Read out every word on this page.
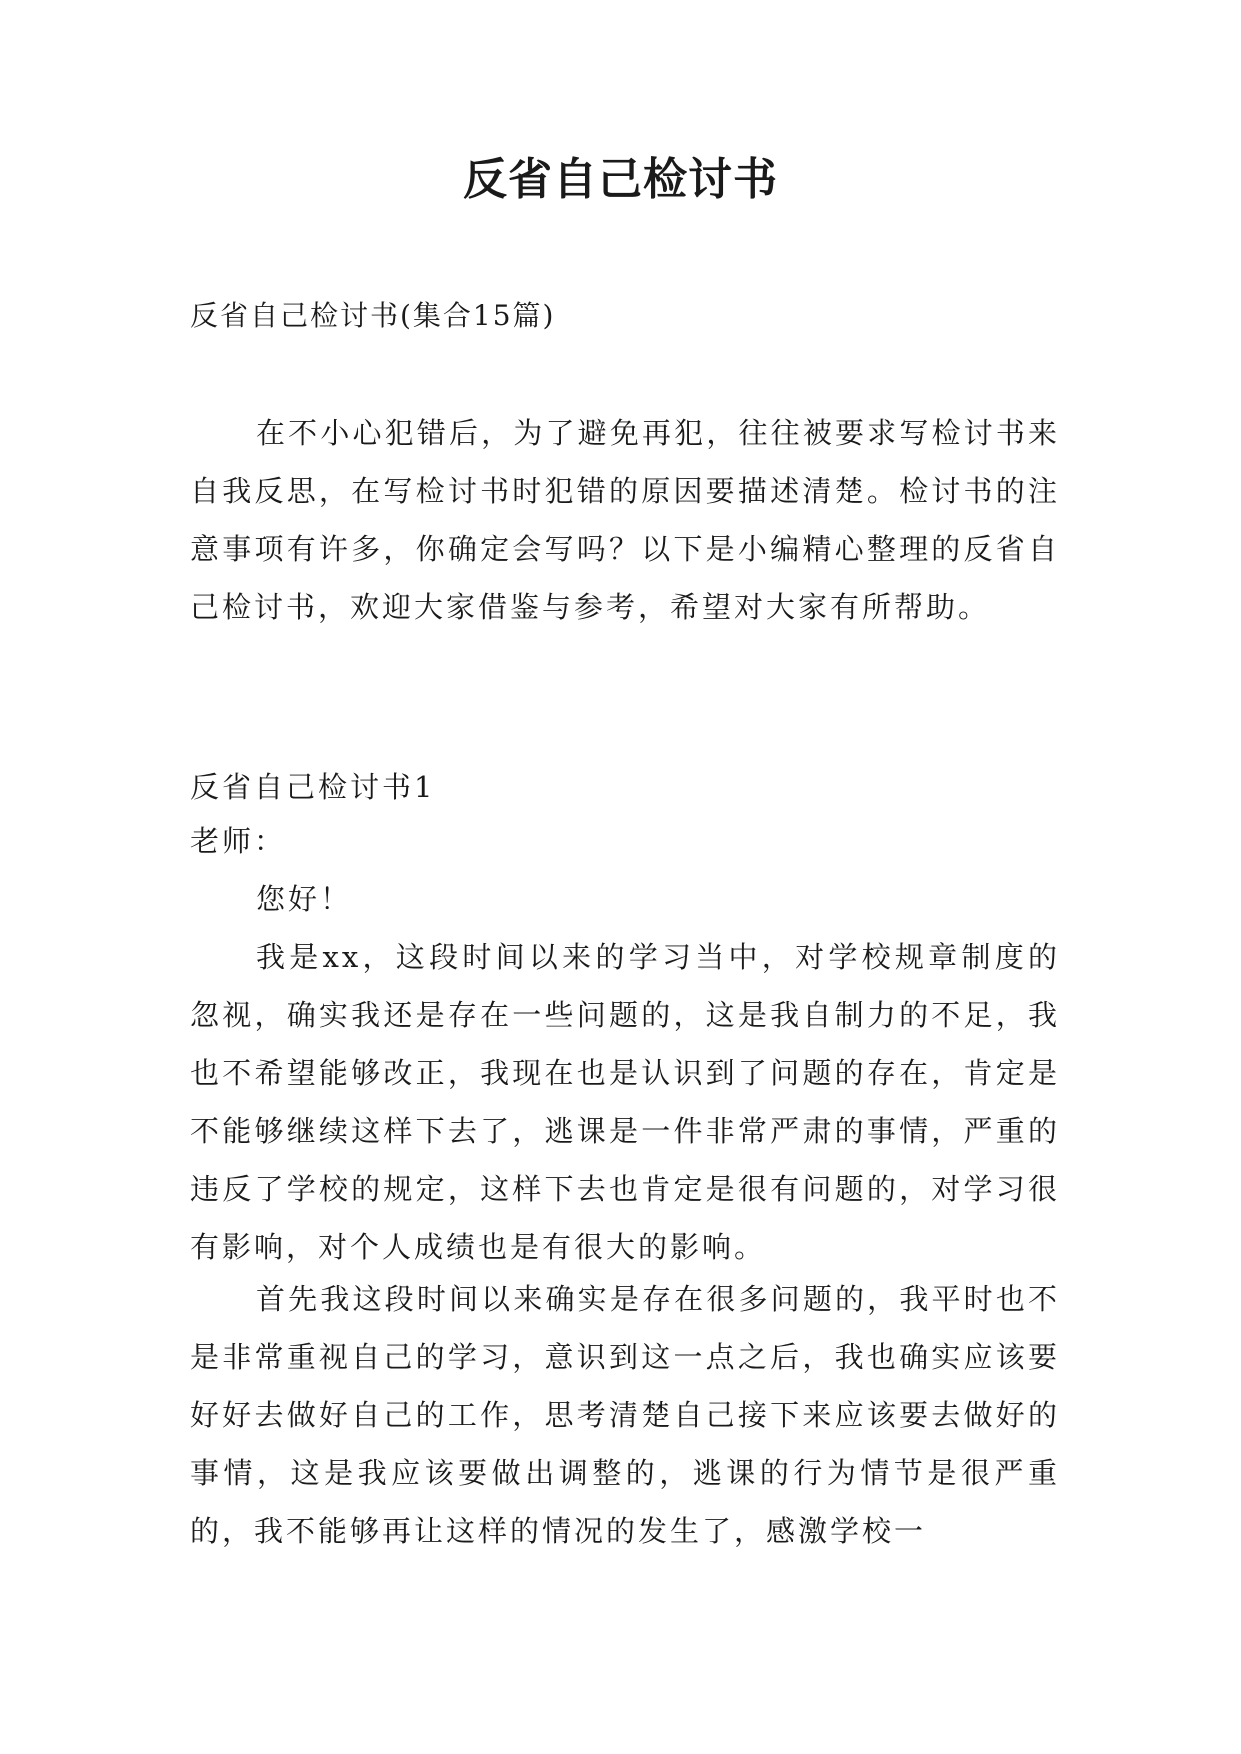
反省自己检讨书
反省自己检讨书(集合15篇)

在不小心犯错后，为了避免再犯，往往被要求写检讨书来自我反思，在写检讨书时犯错的原因要描述清楚。检讨书的注意事项有许多，你确定会写吗？以下是小编精心整理的反省自己检讨书，欢迎大家借鉴与参考，希望对大家有所帮助。

反省自己检讨书1
老师：
您好！

我是xx，这段时间以来的学习当中，对学校规章制度的忽视，确实我还是存在一些问题的，这是我自制力的不足，我也不希望能够改正，我现在也是认识到了问题的存在，肯定是不能够继续这样下去了，逃课是一件非常严肃的事情，严重的违反了学校的规定，这样下去也肯定是很有问题的，对学习很有影响，对个人成绩也是有很大的影响。

首先我这段时间以来确实是存在很多问题的，我平时也不是非常重视自己的学习，意识到这一点之后，我也确实应该要好好去做好自己的工作，思考清楚自己接下来应该要去做好的事情，这是我应该要做出调整的，逃课的行为情节是很严重的，我不能够再让这样的情况的发生了，感激学校一
